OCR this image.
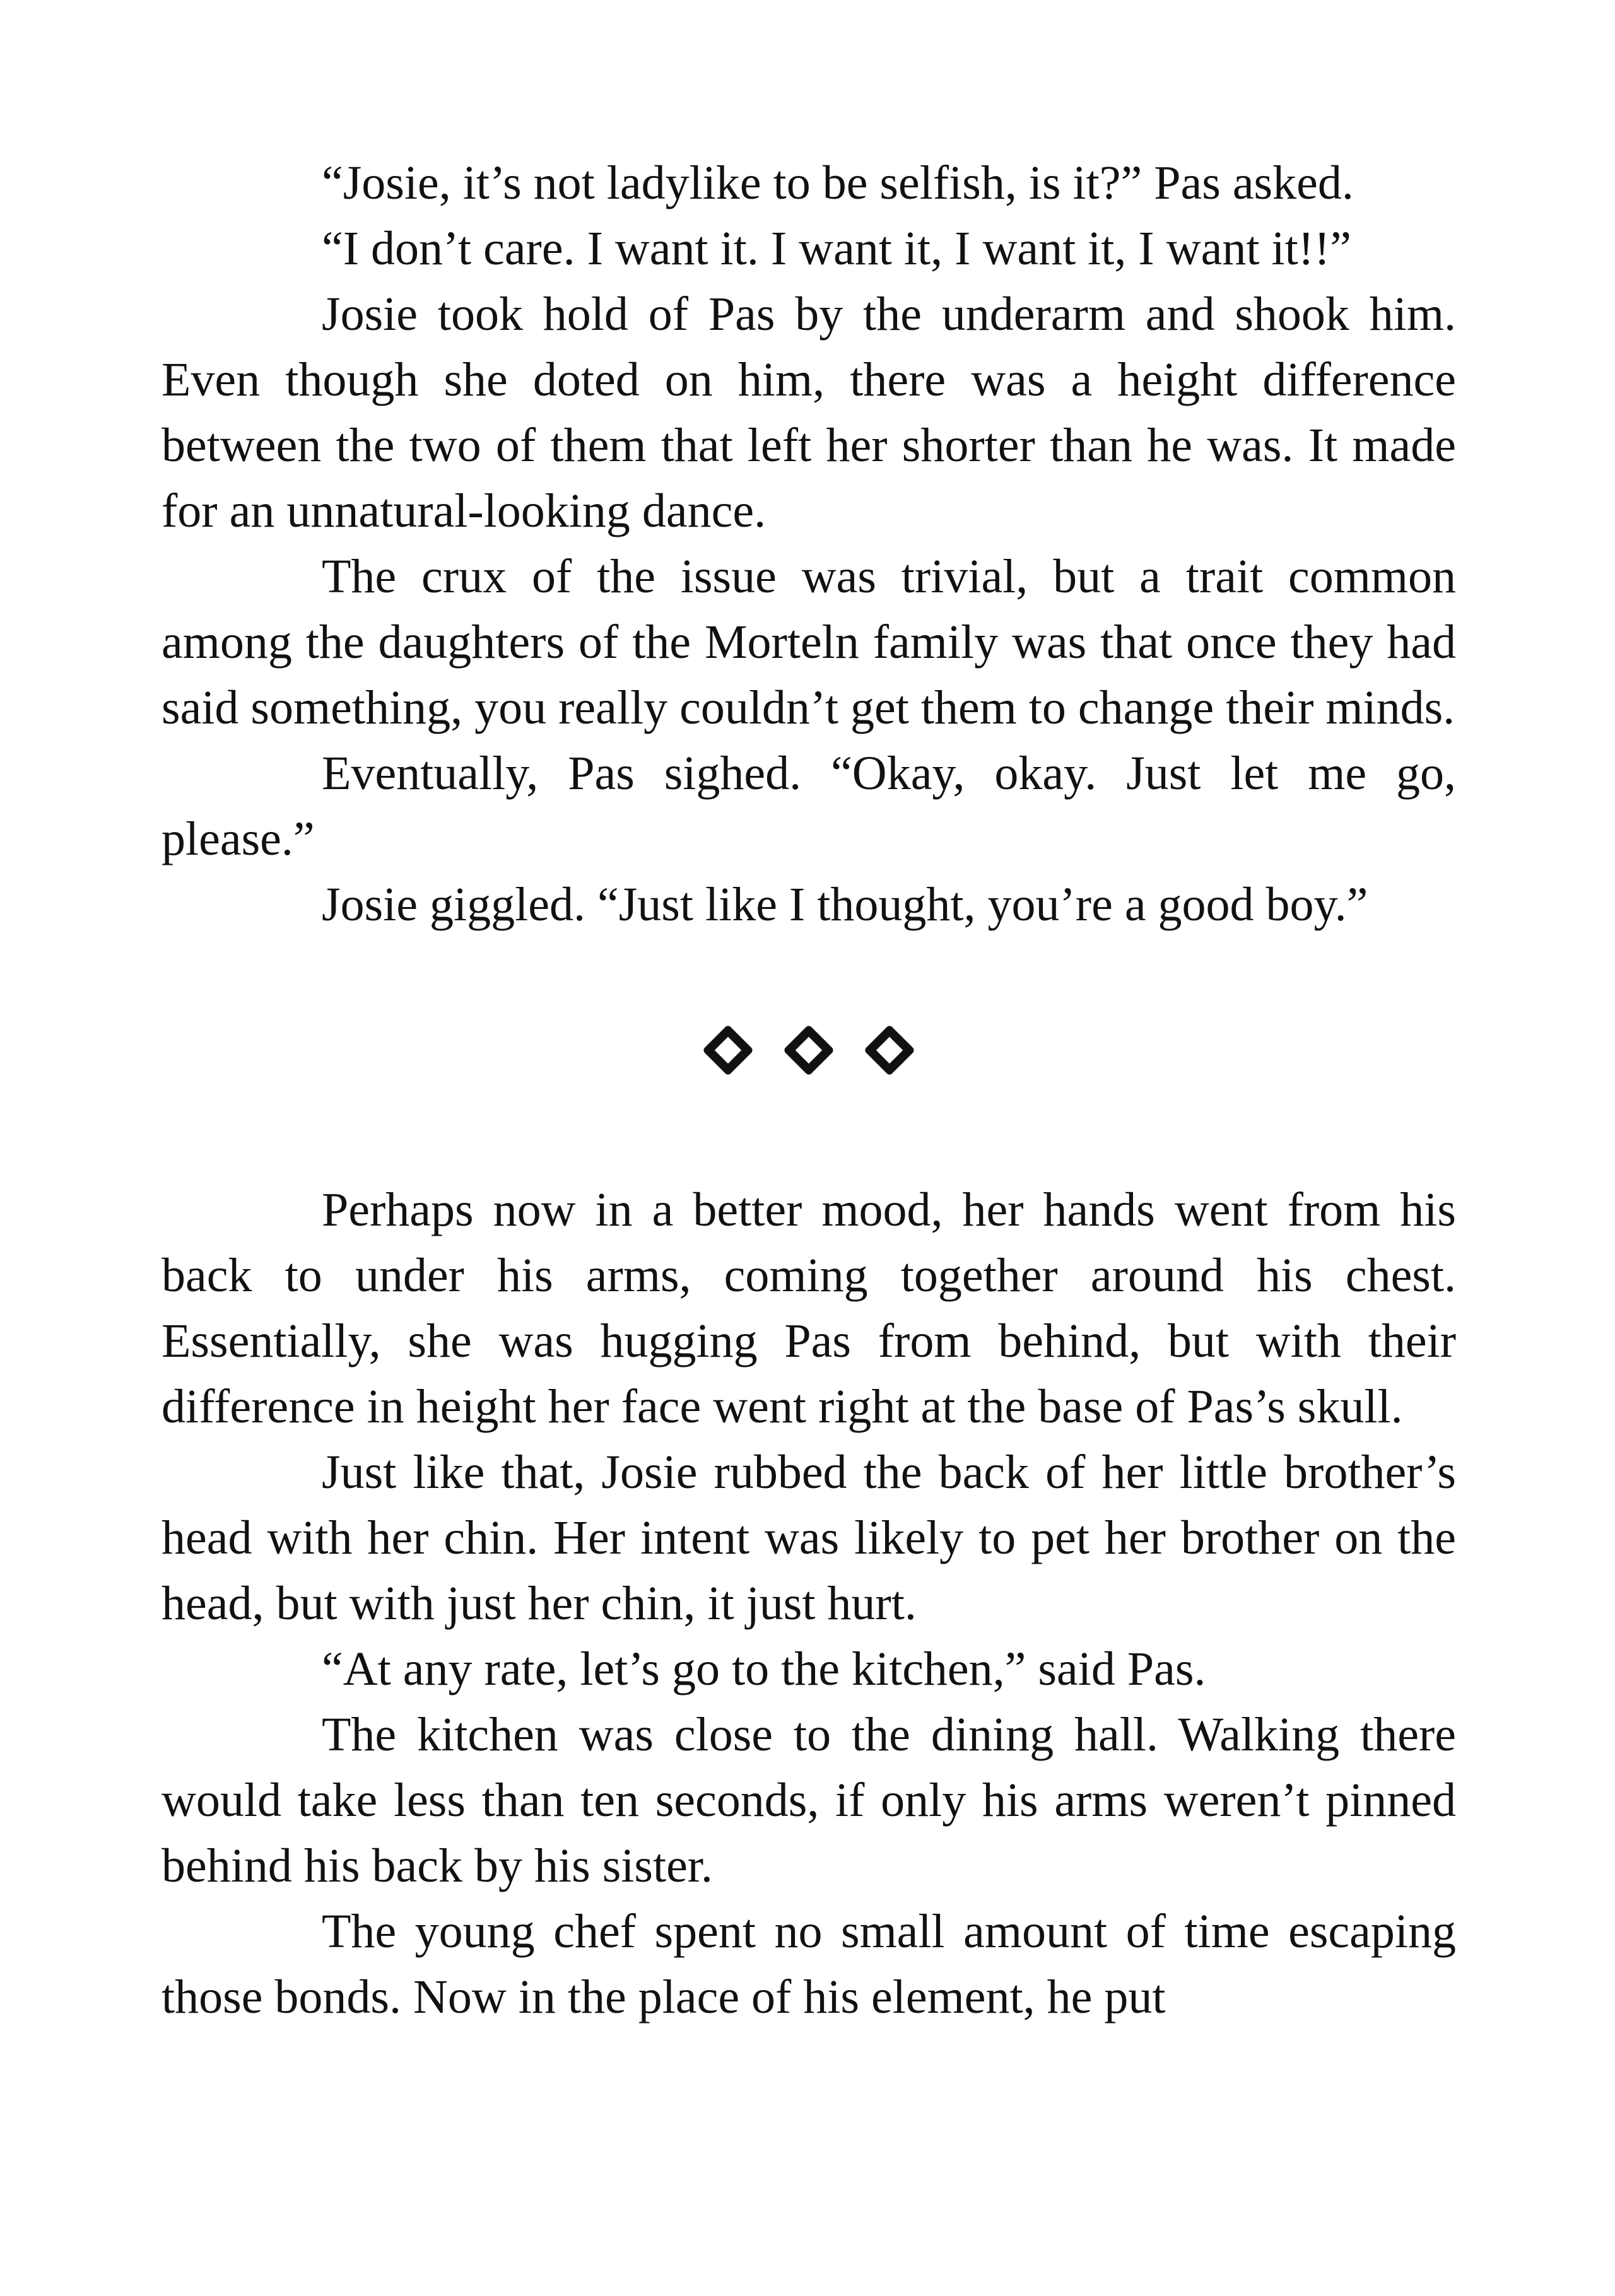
“Josie, it’s not ladylike to be selfish, is it?” Pas asked.

“I don’t care. I want it. I want it, I want it, I want it!!”

Josie took hold of Pas by the underarm and shook him. Even though she doted on him, there was a height difference between the two of them that left her shorter than he was. It made for an unnatural-looking dance.

The crux of the issue was trivial, but a trait common among the daughters of the Morteln family was that once they had said something, you really couldn’t get them to change their minds.

Eventually, Pas sighed. “Okay, okay. Just let me go, please.”

Josie giggled. “Just like I thought, you’re a good boy.”

Perhaps now in a better mood, her hands went from his back to under his arms, coming together around his chest. Essentially, she was hugging Pas from behind, but with their difference in height her face went right at the base of Pas’s skull.

Just like that, Josie rubbed the back of her little brother’s head with her chin. Her intent was likely to pet her brother on the head, but with just her chin, it just hurt.

“At any rate, let’s go to the kitchen,” said Pas.

The kitchen was close to the dining hall. Walking there would take less than ten seconds, if only his arms weren’t pinned behind his back by his sister.

The young chef spent no small amount of time escaping those bonds. Now in the place of his element, he put
